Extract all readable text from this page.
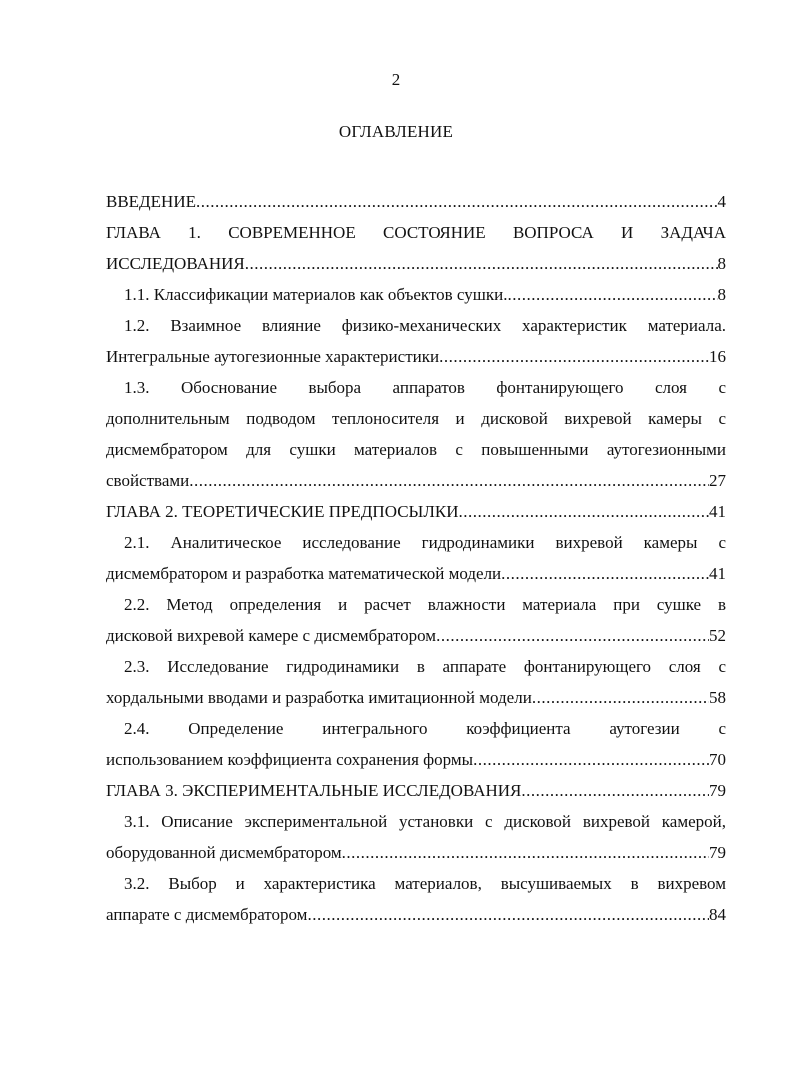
2
ОГЛАВЛЕНИЕ
ВВЕДЕНИЕ .....	4
ГЛАВА 1. СОВРЕМЕННОЕ СОСТОЯНИЕ ВОПРОСА И ЗАДАЧА
ИССЛЕДОВАНИЯ .....	8
1.1. Классификации материалов как объектов сушки. .....	8
1.2. Взаимное влияние физико-механических характеристик материала.
Интегральные аутогезионные характеристики .....	16
1.3. Обоснование выбора аппаратов фонтанирующего слоя с
дополнительным подводом теплоносителя и дисковой вихревой камеры с
дисмембратором для сушки материалов с повышенными аутогезионными
свойствами .....	27
ГЛАВА 2. ТЕОРЕТИЧЕСКИЕ ПРЕДПОСЫЛКИ .....	41
2.1. Аналитическое исследование гидродинамики вихревой камеры с
дисмембратором и разработка математической модели .....	41
2.2. Метод определения и расчет влажности материала при сушке в
дисковой вихревой камере с дисмембратором .....	52
2.3. Исследование гидродинамики в аппарате фонтанирующего слоя с
хордальными вводами и разработка имитационной модели .....	58
2.4. Определение интегрального коэффициента аутогезии с
использованием коэффициента сохранения формы .....	70
ГЛАВА 3. ЭКСПЕРИМЕНТАЛЬНЫЕ ИССЛЕДОВАНИЯ .....	79
3.1. Описание экспериментальной установки с дисковой вихревой камерой,
оборудованной дисмембратором .....	79
3.2. Выбор и характеристика материалов, высушиваемых в вихревом
аппарате с дисмембратором .....	84
